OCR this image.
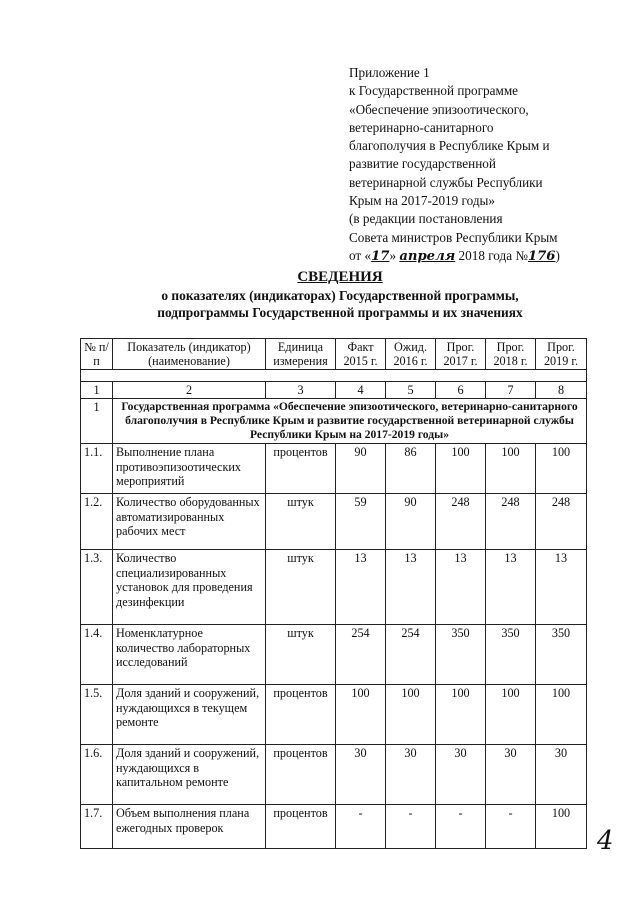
Приложение 1
к Государственной программе
«Обеспечение эпизоотического,
ветеринарно-санитарного
благополучия в Республике Крым и
развитие государственной
ветеринарной службы Республики
Крым на 2017-2019 годы»
(в редакции постановления
Совета министров Республики Крым
от «17» апреля 2018 года №176)
СВЕДЕНИЯ
о показателях (индикаторах) Государственной программы,
подпрограммы Государственной программы и их значениях
№ п/п	Показатель (индикатор) (наименование)	Единица измерения	Факт 2015 г.	Ожид. 2016 г.	Прог. 2017 г.	Прог. 2018 г.	Прог. 2019 г.

1	2	3	4	5	6	7	8
1	Государственная программа «Обеспечение эпизоотического, ветеринарно-санитарного благополучия в Республике Крым и развитие государственной ветеринарной службы Республики Крым на 2017-2019 годы»						
1.1.	Выполнение плана противоэпизоотических мероприятий	процентов	90	86	100	100	100
1.2.	Количество оборудованных автоматизированных рабочих мест	штук	59	90	248	248	248
1.3.	Количество специализированных установок для проведения дезинфекции	штук	13	13	13	13	13
1.4.	Номенклатурное количество лабораторных исследований	штук	254	254	350	350	350
1.5.	Доля зданий и сооружений, нуждающихся в текущем ремонте	процентов	100	100	100	100	100
1.6.	Доля зданий и сооружений, нуждающихся в капитальном ремонте	процентов	30	30	30	30	30
1.7.	Объем выполнения плана ежегодных проверок	процентов	-	-	-	-	100
4
